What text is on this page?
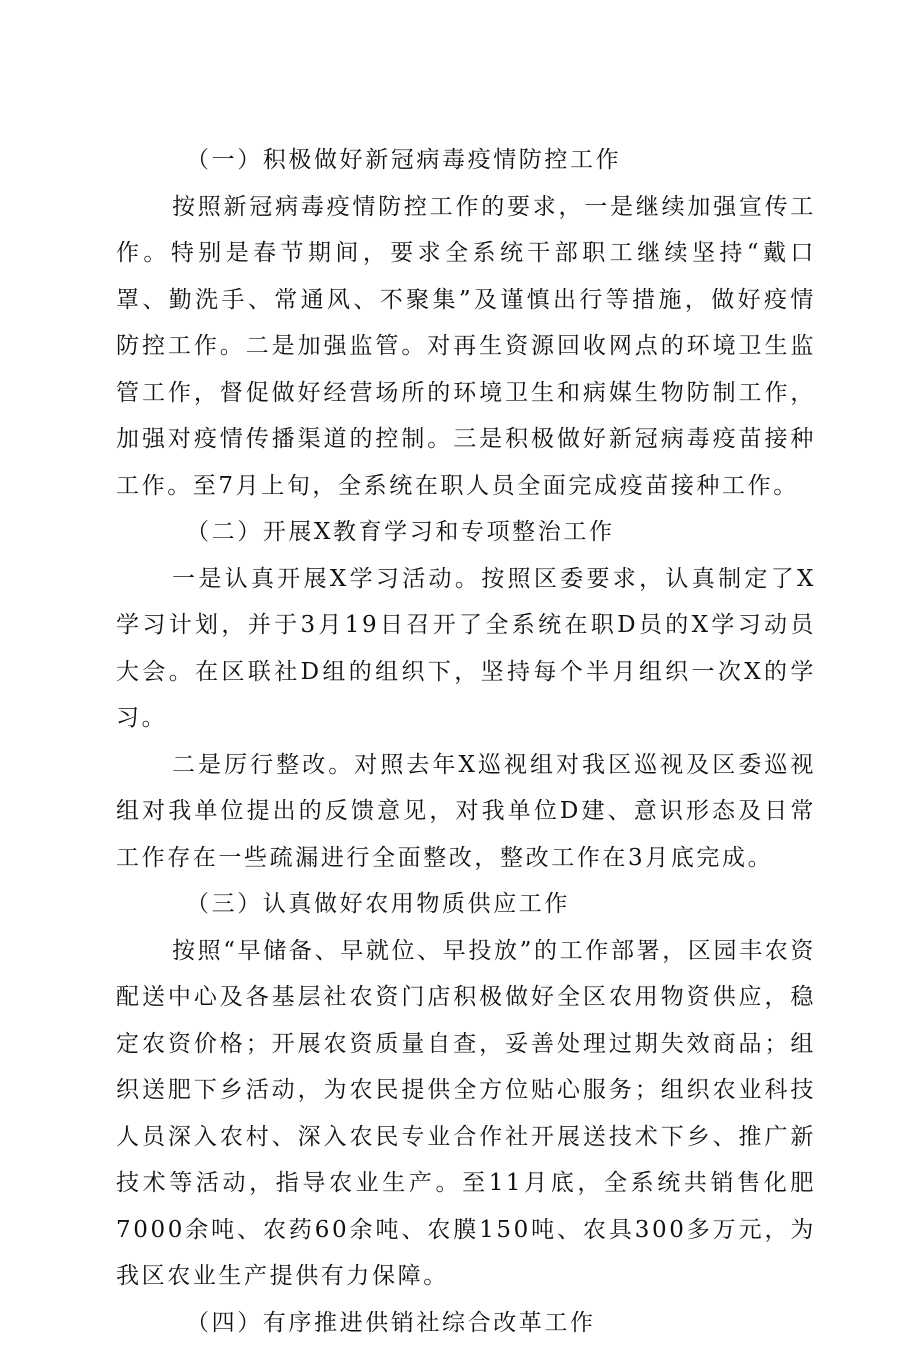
（一）积极做好新冠病毒疫情防控工作

按照新冠病毒疫情防控工作的要求，一是继续加强宣传工作。特别是春节期间，要求全系统干部职工继续坚持“戴口罩、勤洗手、常通风、不聚集”及谨慎出行等措施，做好疫情防控工作。二是加强监管。对再生资源回收网点的环境卫生监管工作，督促做好经营场所的环境卫生和病媒生物防制工作，加强对疫情传播渠道的控制。三是积极做好新冠病毒疫苗接种工作。至7月上旬，全系统在职人员全面完成疫苗接种工作。

（二）开展X教育学习和专项整治工作

一是认真开展X学习活动。按照区委要求，认真制定了X学习计划，并于3月19日召开了全系统在职D员的X学习动员大会。在区联社D组的组织下，坚持每个半月组织一次X的学习。

二是厉行整改。对照去年X巡视组对我区巡视及区委巡视组对我单位提出的反馈意见，对我单位D建、意识形态及日常工作存在一些疏漏进行全面整改，整改工作在3月底完成。

（三）认真做好农用物质供应工作

按照“早储备、早就位、早投放”的工作部署，区园丰农资配送中心及各基层社农资门店积极做好全区农用物资供应，稳定农资价格；开展农资质量自查，妥善处理过期失效商品；组织送肥下乡活动，为农民提供全方位贴心服务；组织农业科技人员深入农村、深入农民专业合作社开展送技术下乡、推广新技术等活动，指导农业生产。至11月底，全系统共销售化肥7000余吨、农药60余吨、农膜150吨、农具300多万元，为我区农业生产提供有力保障。

（四）有序推进供销社综合改革工作
